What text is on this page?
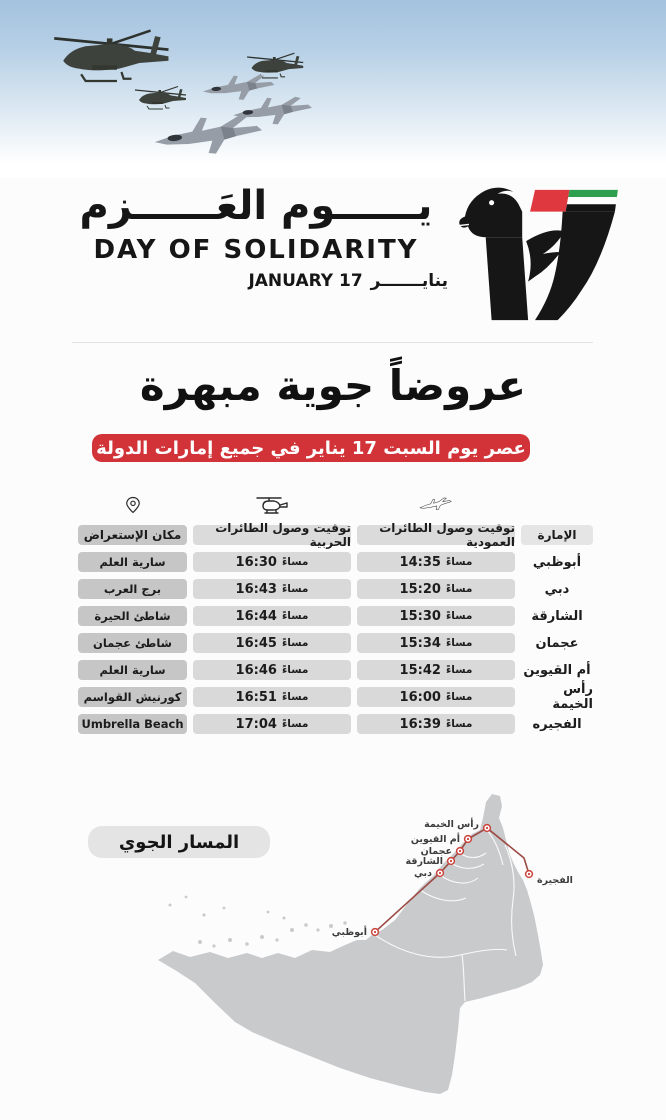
يــــــوم العَــــــزم
DAY OF SOLIDARITY
JANUARY 17 ينايـــــــر
عروضاً جوية مبهرة
عصر يوم السبت 17 يناير في جميع إمارات الدولة
الإمارة
توقيت وصول الطائرات العمودية
توقيت وصول الطائرات الحربية
مكان الإستعراض
أبوظبي
14:35 مساءً
16:30 مساءً
سارية العلم
دبي
15:20 مساءً
16:43 مساءً
برج العرب
الشارقة
15:30 مساءً
16:44 مساءً
شاطئ الحيرة
عجمان
15:34 مساءً
16:45 مساءً
شاطئ عجمان
أم القيوين
15:42 مساءً
16:46 مساءً
سارية العلم
رأس الخيمة
16:00 مساءً
16:51 مساءً
كورنيش القواسم
الفجيره
16:39 مساءً
17:04 مساءً
Umbrella Beach
المسار الجوي
أبوظبي
دبي
الشارقة
عجمان
أم القيوين
رأس الخيمة
الفجيرة
